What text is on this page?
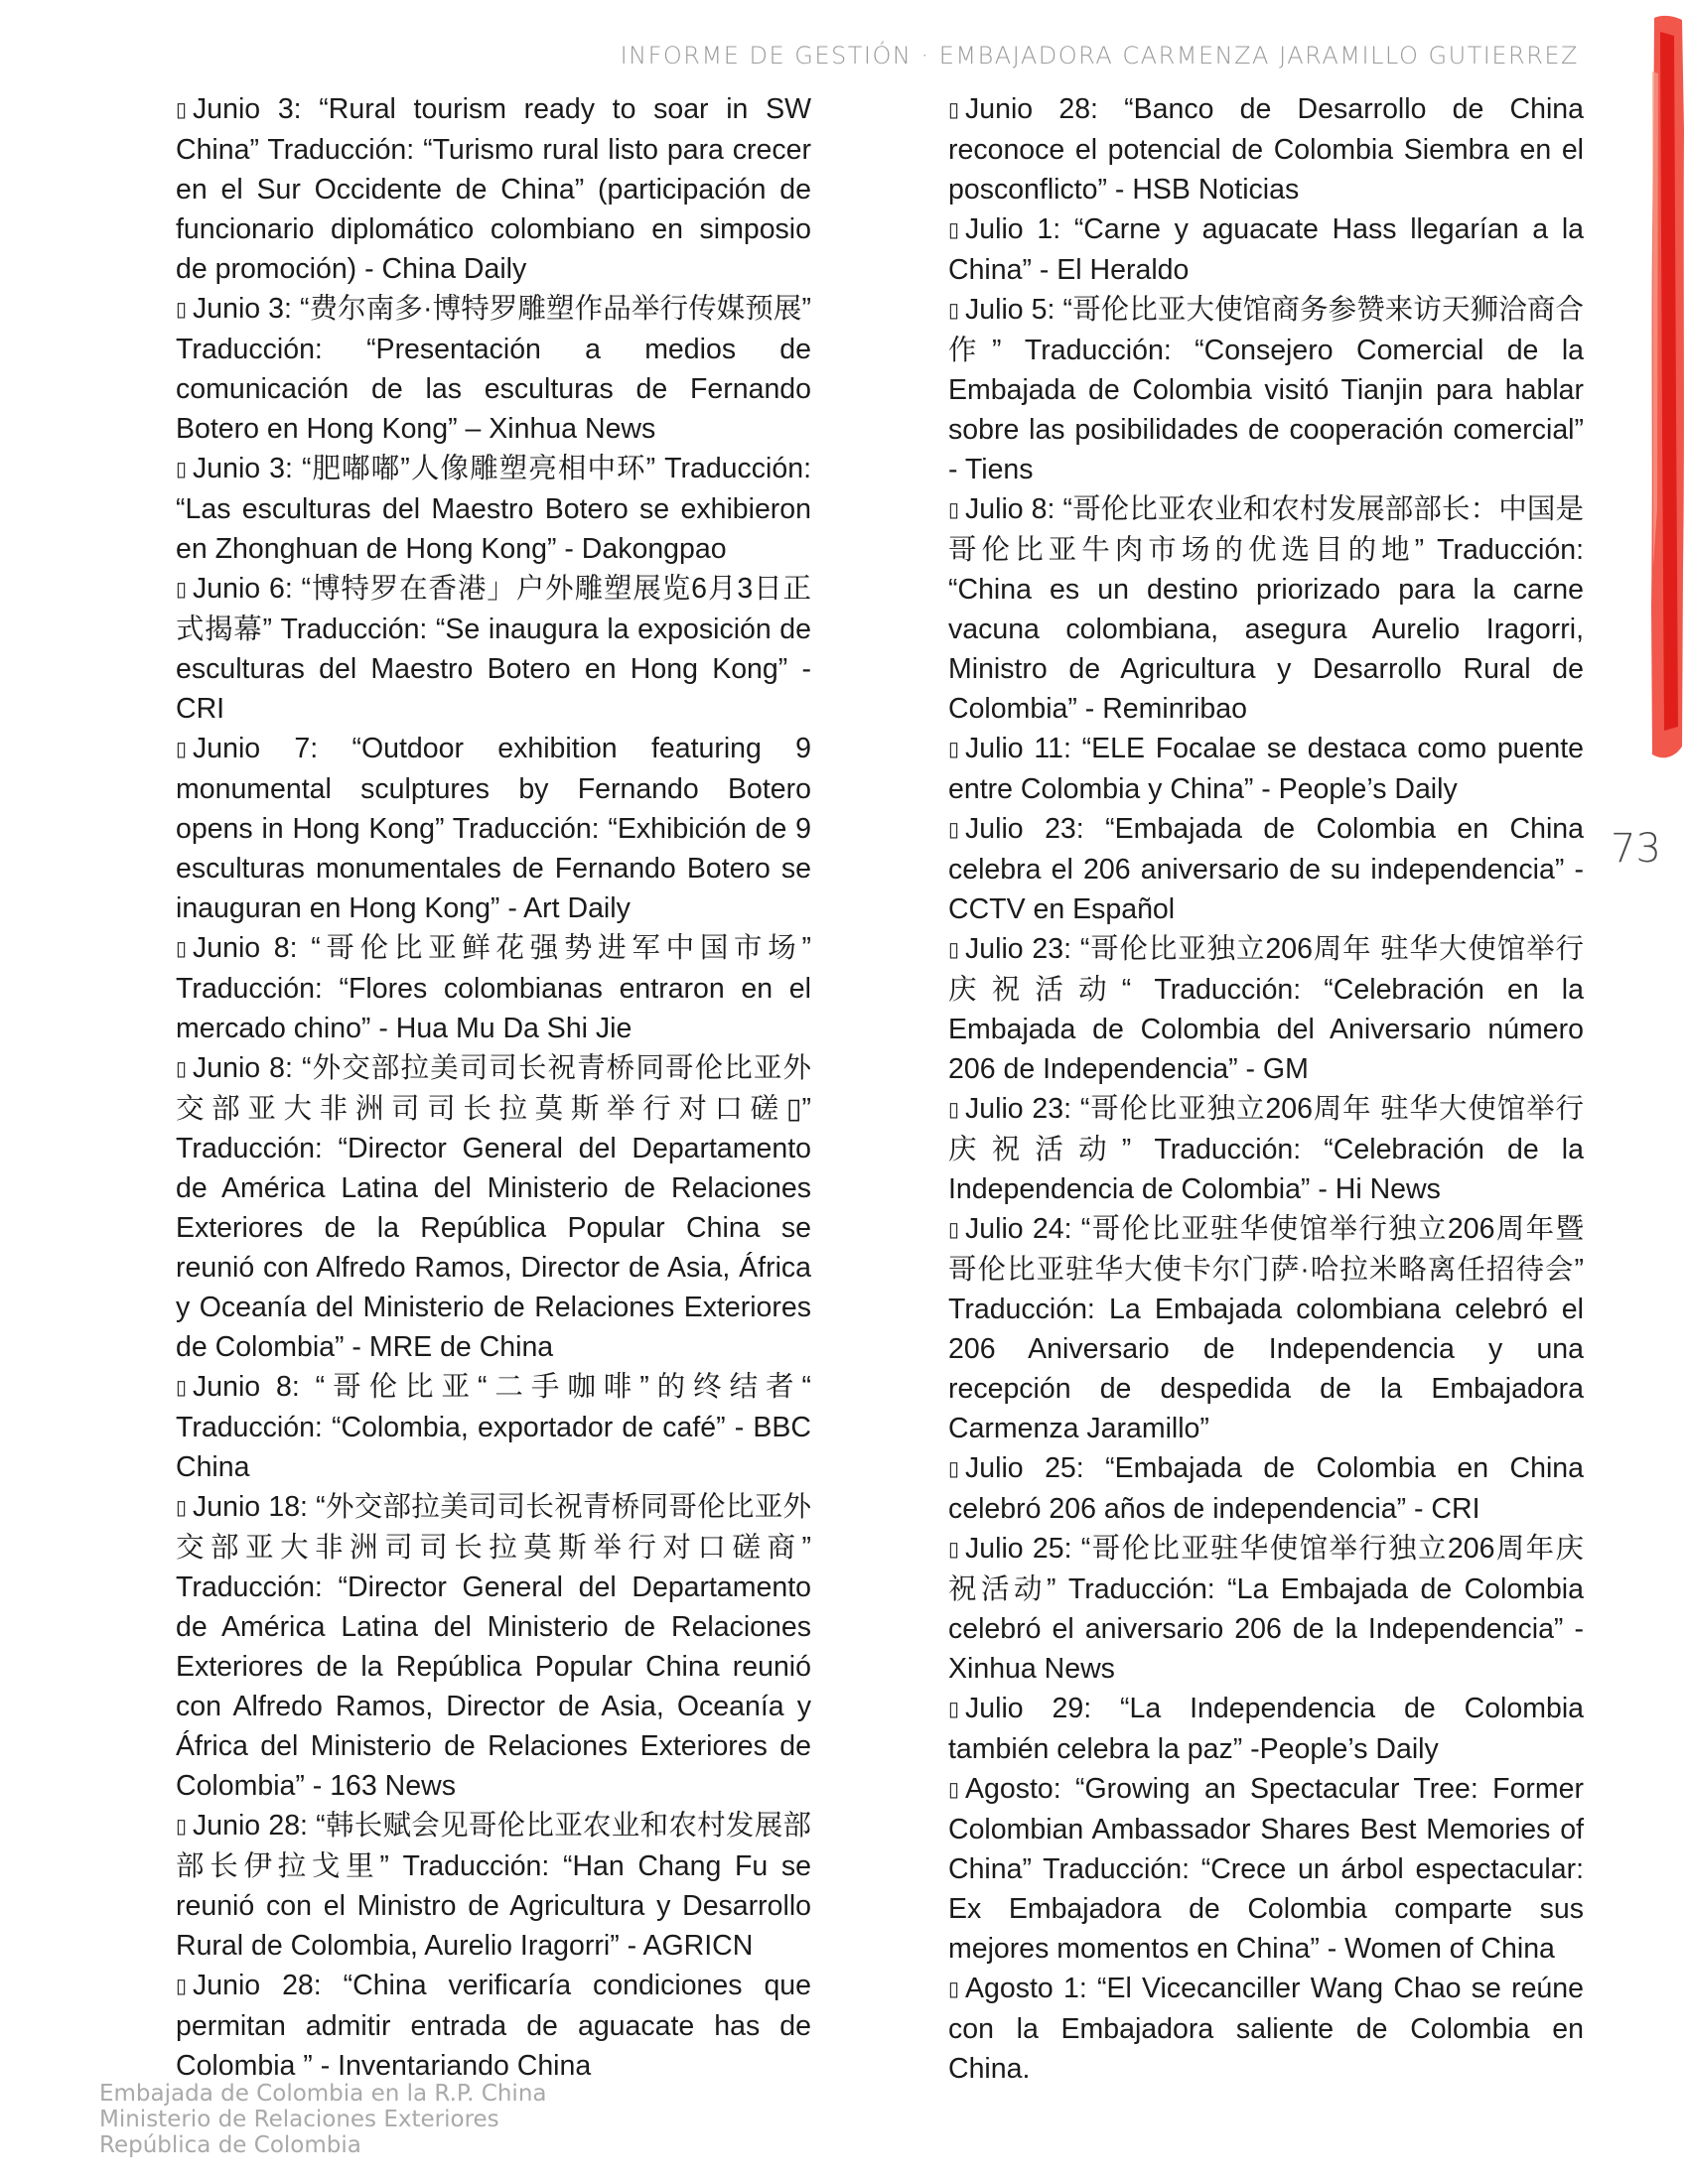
INFORME DE GESTIÓN · EMBAJADORA CARMENZA JARAMILLO GUTIERREZ
73

▯ Junio 3: “Rural tourism ready to soar in SW China” Traducción: “Turismo rural listo para crecer en el Sur Occidente de China” (participación de funcionario diplomático colombiano en simposio de promoción) - China Daily

▯ Junio 3: “费尔南多·博特罗雕塑作品举行传媒预展” Traducción: “Presentación a medios de comunicación de las esculturas de Fernando Botero en Hong Kong” – Xinhua News

▯ Junio 3: “肥嘟嘟”人像雕塑亮相中环” Traducción: “Las esculturas del Maestro Botero se exhibieron en Zhonghuan de Hong Kong” - Dakongpao

▯ Junio 6: “博特罗在香港」户外雕塑展览6月3日正式揭幕” Traducción: “Se inaugura la exposición de esculturas del Maestro Botero en Hong Kong” - CRI

▯ Junio 7: “Outdoor exhibition featuring 9 monumental sculptures by Fernando Botero opens in Hong Kong” Traducción: “Exhibición de 9 esculturas monumentales de Fernando Botero se inauguran en Hong Kong” - Art Daily

▯ Junio 8: “哥伦比亚鲜花强势进军中国市场” Traducción: “Flores colombianas entraron en el mercado chino” - Hua Mu Da Shi Jie

▯ Junio 8: “外交部拉美司司长祝青桥同哥伦比亚外交部亚大非洲司司长拉莫斯举行对口磋▯” Traducción: “Director General del Departamento de América Latina del Ministerio de Relaciones Exteriores de la República Popular China se reunió con Alfredo Ramos, Director de Asia, África y Oceanía del Ministerio de Relaciones Exteriores de Colombia” - MRE de China

▯ Junio 8: “哥伦比亚“二手咖啡”的终结者“ Traducción: “Colombia, exportador de café” - BBC China

▯ Junio 18: “外交部拉美司司长祝青桥同哥伦比亚外交部亚大非洲司司长拉莫斯举行对口磋商” Traducción: “Director General del Departamento de América Latina del Ministerio de Relaciones Exteriores de la República Popular China reunió con Alfredo Ramos, Director de Asia, Oceanía y África del Ministerio de Relaciones Exteriores de Colombia” - 163 News

▯ Junio 28: “韩长赋会见哥伦比亚农业和农村发展部部长伊拉戈里” Traducción: “Han Chang Fu se reunió con el Ministro de Agricultura y Desarrollo Rural de Colombia, Aurelio Iragorri” - AGRICN

▯ Junio 28: “China verificaría condiciones que permitan admitir entrada de aguacate has de Colombia ” - Inventariando China

▯ Junio 28: “Banco de Desarrollo de China reconoce el potencial de Colombia Siembra en el posconflicto” - HSB Noticias

▯ Julio 1: “Carne y aguacate Hass llegarían a la China” - El Heraldo

▯ Julio 5: “哥伦比亚大使馆商务参赞来访天狮洽商合作” Traducción: “Consejero Comercial de la Embajada de Colombia visitó Tianjin para hablar sobre las posibilidades de cooperación comercial” - Tiens

▯ Julio 8: “哥伦比亚农业和农村发展部部长：中国是哥伦比亚牛肉市场的优选目的地” Traducción: “China es un destino priorizado para la carne vacuna colombiana, asegura Aurelio Iragorri, Ministro de Agricultura y Desarrollo Rural de Colombia” - Reminribao

▯ Julio 11: “ELE Focalae se destaca como puente entre Colombia y China” - People’s Daily

▯ Julio 23: “Embajada de Colombia en China celebra el 206 aniversario de su independencia” - CCTV en Español

▯ Julio 23: “哥伦比亚独立206周年 驻华大使馆举行庆祝活动“ Traducción: “Celebración en la Embajada de Colombia del Aniversario número 206 de Independencia” - GM

▯ Julio 23: “哥伦比亚独立206周年 驻华大使馆举行庆祝活动” Traducción: “Celebración de la Independencia de Colombia” - Hi News

▯ Julio 24: “哥伦比亚驻华使馆举行独立206周年暨哥伦比亚驻华大使卡尔门萨·哈拉米略离任招待会” Traducción: La Embajada colombiana celebró el 206 Aniversario de Independencia y una recepción de despedida de la Embajadora Carmenza Jaramillo”

▯ Julio 25: “Embajada de Colombia en China celebró 206 años de independencia” - CRI

▯ Julio 25: “哥伦比亚驻华使馆举行独立206周年庆祝活动” Traducción: “La Embajada de Colombia celebró el aniversario 206 de la Independencia” - Xinhua News

▯ Julio 29: “La Independencia de Colombia también celebra la paz” -People’s Daily

▯ Agosto: “Growing an Spectacular Tree: Former Colombian Ambassador Shares Best Memories of China” Traducción: “Crece un árbol espectacular: Ex Embajadora de Colombia comparte sus mejores momentos en China” - Women of China

▯ Agosto 1: “El Vicecanciller Wang Chao se reúne con la Embajadora saliente de Colombia en China.

Embajada de Colombia en la R.P. China
Ministerio de Relaciones Exteriores
República de Colombia
